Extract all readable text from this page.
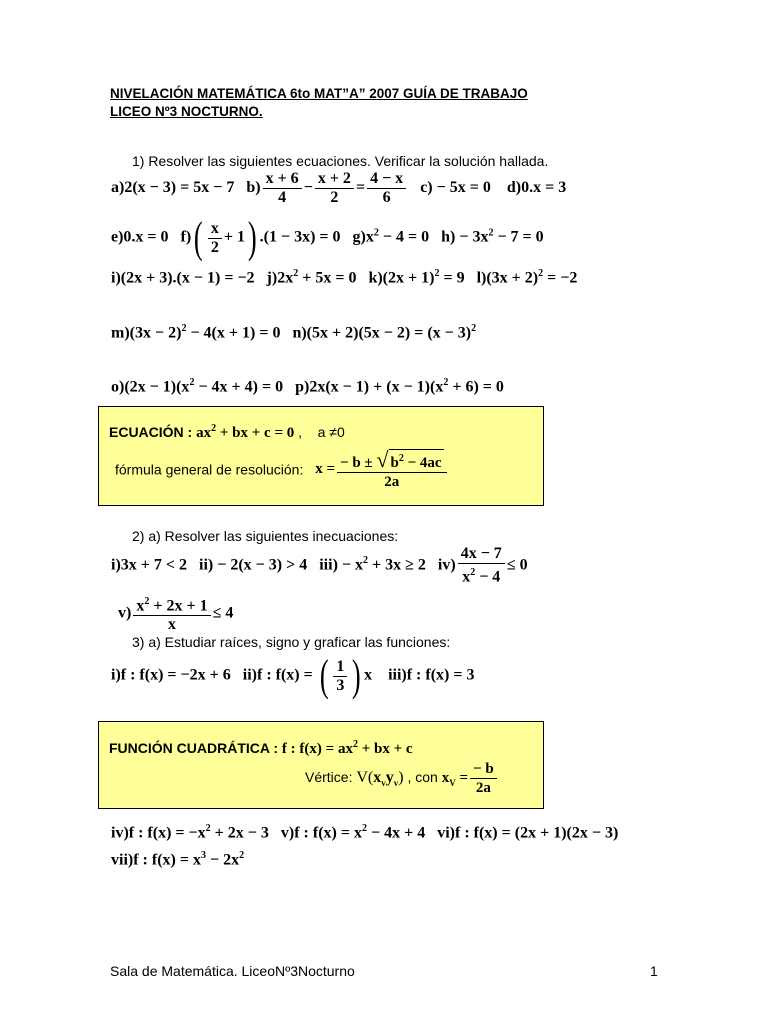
NIVELACIÓN MATEMÁTICA 6to MAT”A” 2007 GUÍA DE TRABAJO
LICEO Nº3 NOCTURNO.
1) Resolver las siguientes ecuaciones. Verificar la solución hallada.
a)2(x − 3) = 5x − 7   $b) \frac{x + 6}{4} - \frac{x + 2}{2} = \frac{4 - x}{6} c) - 5x = 0$    d)0.x = 3
e)0.x = 0   $f)( \frac{x}{2} + 1)$ .(1 − 3x) = 0   $g)x^2 - 4 = 0$   $h) - 3x^2 - 7 = 0$
i)(2x + 3).(x − 1) = −2   $j)2x^2 + 5x = 0$   $k)(2x + 1)^2 = 9$   $l)(3x + 2)^2 = -2$
$m)(3x - 2)^2 - 4(x + 1) = 0$   $n)(5x + 2)(5x - 2) = (x - 3)^2$
$o)(2x - 1)(x^2 - 4x + 4) = 0$   $p)2x(x - 1) + (x - 1)(x^2 + 6) = 0$
ECUACIÓN : $ax^2$ + bx + c = 0 ,    a ≠0
fórmula general de resolución: $x = \frac{- b \pm √ b^2 - 4ac}{2a}$
2) a) Resolver las siguientes inecuaciones:
i)3x + 7 < 2   ii) − 2(x − 3) > 4   $iii) - x^2 + 3x \ge 2$   $iv) \frac{4x - 7}{x^2 - 4} \le 0$
$v) \frac{x^2 + 2x + 1}{x} \le 4$
3) a) Estudiar raíces, signo y graficar las funciones:
i)f : f(x) = −2x + 6   ii)f : f(x) = ( $\frac{1}{3}$ ) x    iii)f : f(x) = 3
FUNCIÓN CUADRÁTICA : f : $f(x) = ax^2$ + bx + c
Vértice: $V(x_vy_v)$ , con $x_V = \frac{- b}{2a}$
iv)f : $f(x) = -x^2 + 2x - 3$   v)f : $f(x) = x^2 - 4x + 4$   vi)f : f(x) = (2x + 1)(2x − 3)
vii)f : $f(x) = x^3 - 2x^2$
Sala de Matemática. LiceoNº3Nocturno	1
